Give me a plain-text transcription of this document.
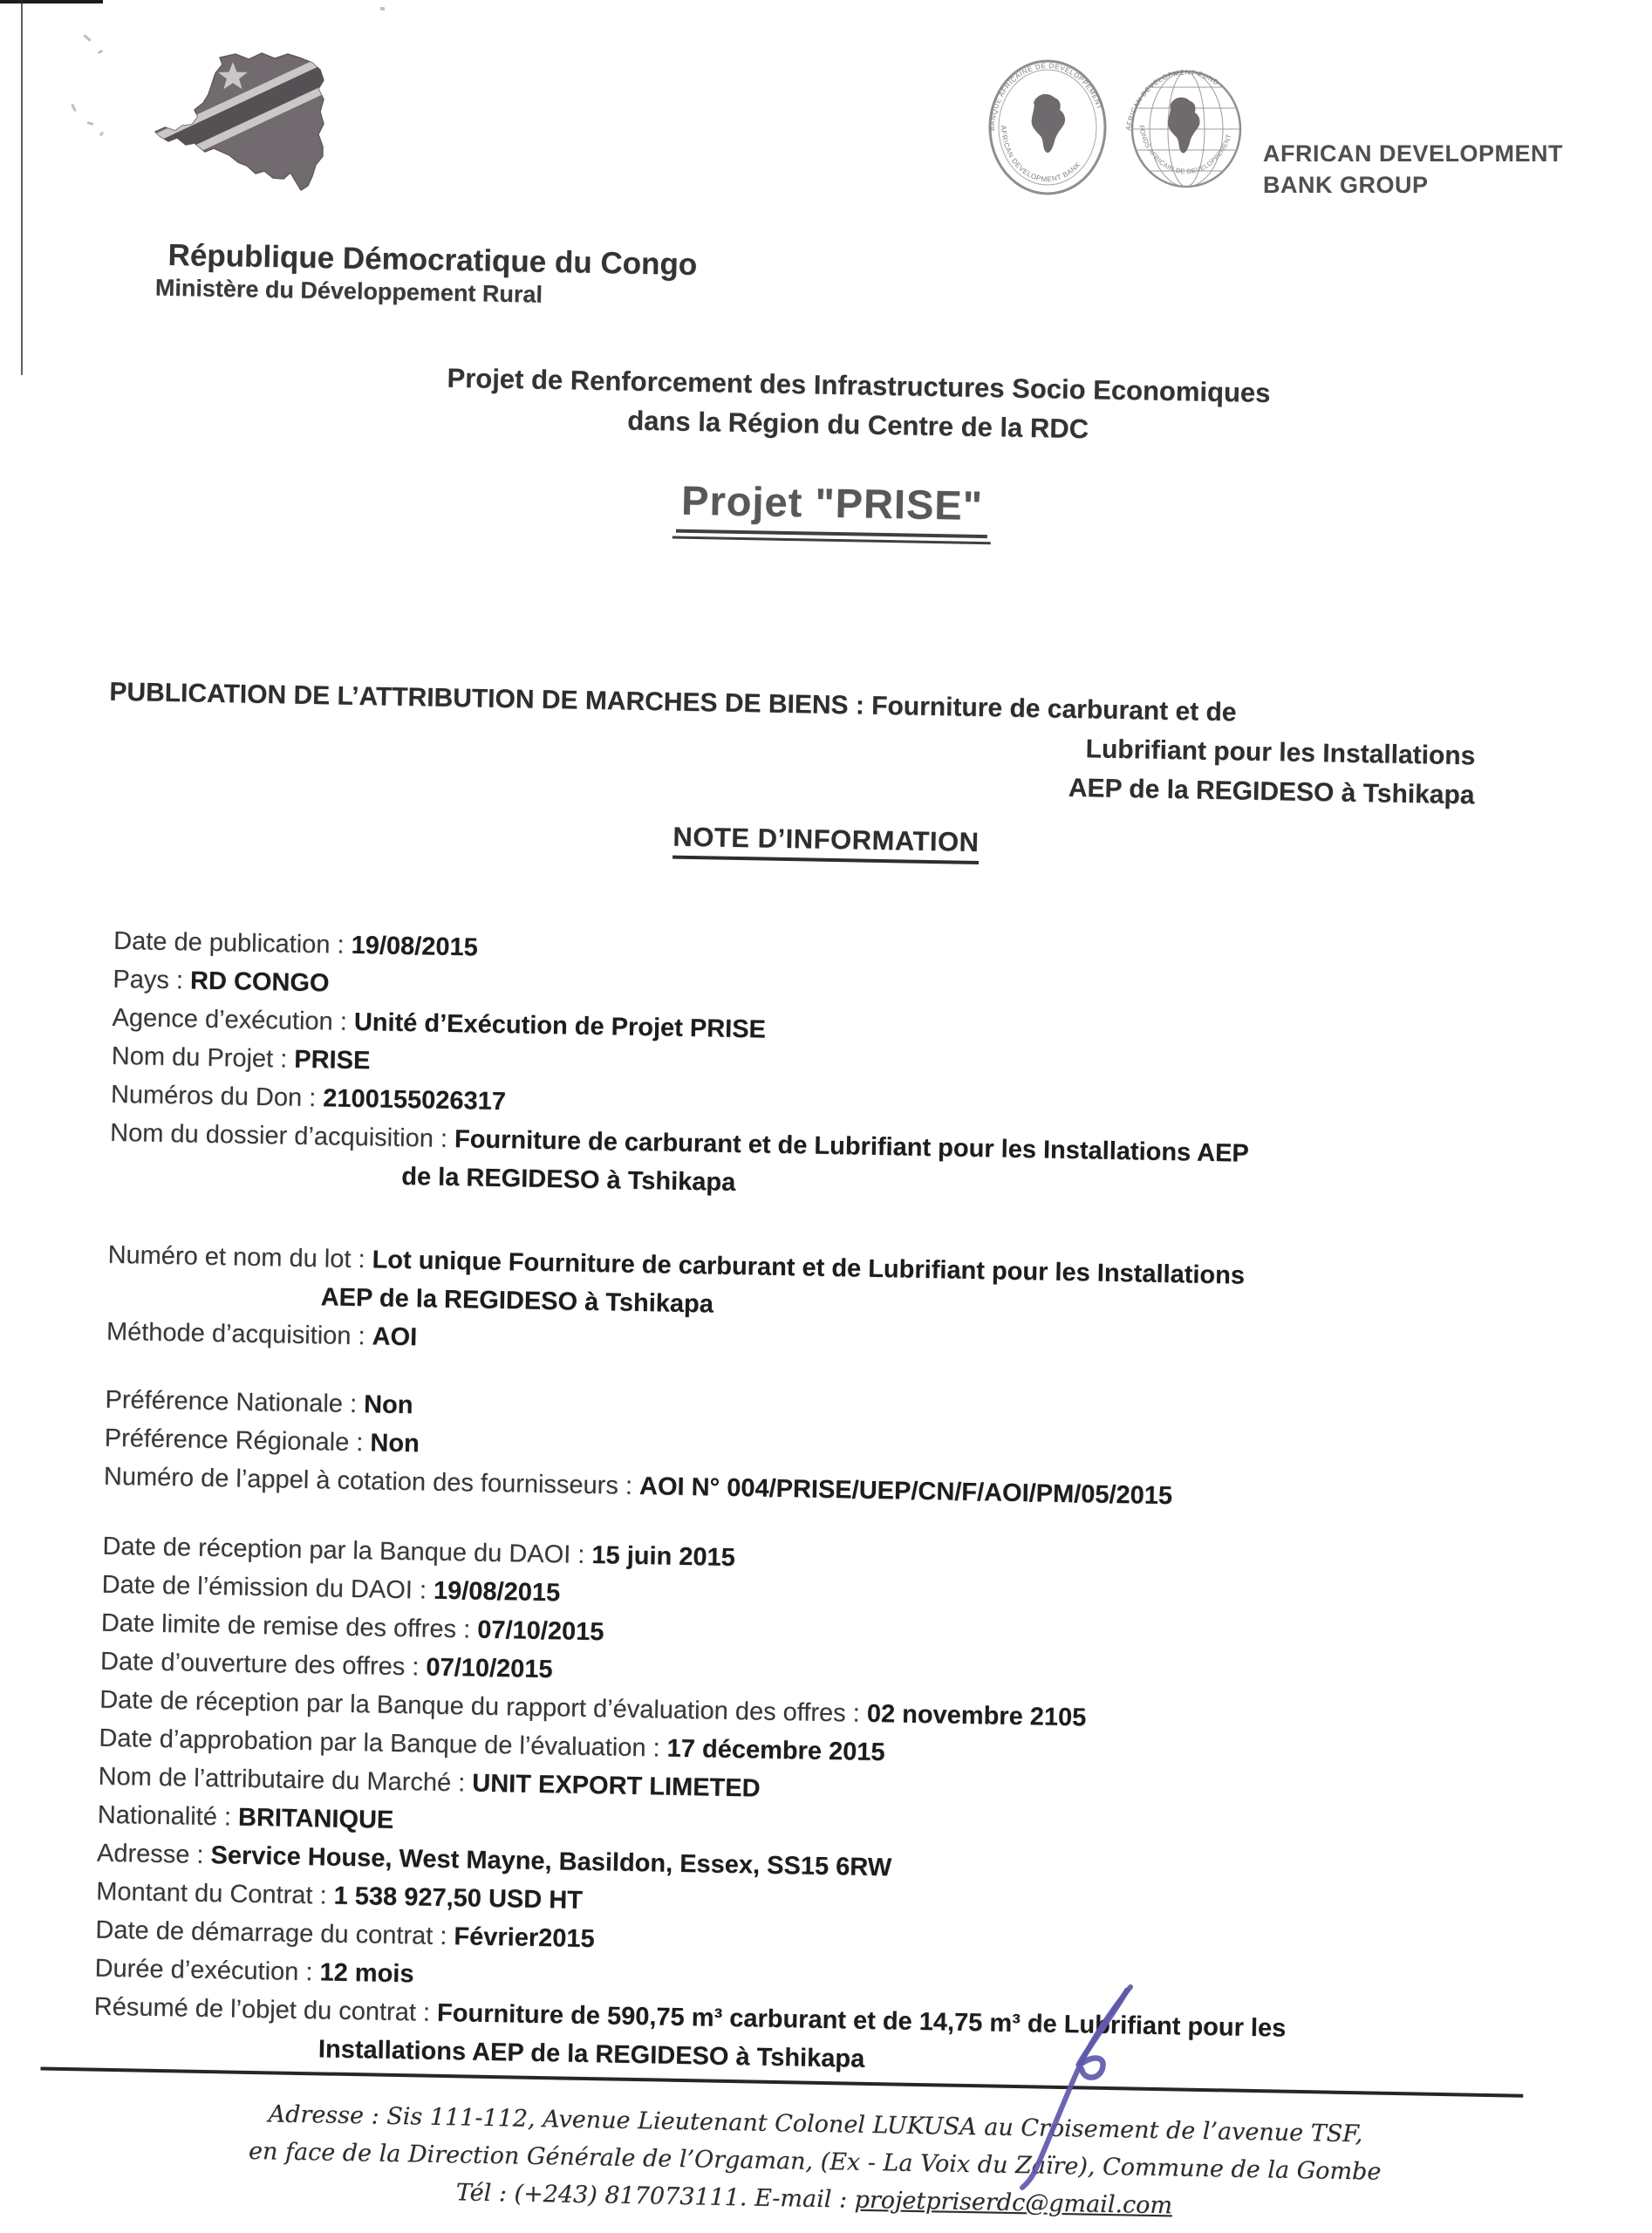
BANQUE AFRICAINE DE DEVELOPPEMENT
AFRICAN DEVELOPMENT BANK
AFRICAN DEVELOPMENT FUND
FONDS AFRICAIN DE DEVELOPPEMENT
AFRICAN DEVELOPMENT
BANK GROUP
République Démocratique du Congo
Ministère du Développement Rural
Projet de Renforcement des Infrastructures Socio Economiques
dans la Région du Centre de la RDC
Projet "PRISE"
PUBLICATION DE L’ATTRIBUTION DE MARCHES DE BIENS : Fourniture de carburant et de
Lubrifiant pour les Installations
AEP de la REGIDESO à Tshikapa
NOTE D’INFORMATION
Date de publication : 19/08/2015
Pays : RD CONGO
Agence d’exécution : Unité d’Exécution de Projet PRISE
Nom du Projet : PRISE
Numéros du Don : 2100155026317
Nom du dossier d’acquisition : Fourniture de carburant et de Lubrifiant pour les Installations AEP
de la REGIDESO à Tshikapa
Numéro et nom du lot : Lot unique Fourniture de carburant et de Lubrifiant pour les Installations
AEP de la REGIDESO à Tshikapa
Méthode d’acquisition : AOI
Préférence Nationale : Non
Préférence Régionale : Non
Numéro de l’appel à cotation des fournisseurs : AOI N° 004/PRISE/UEP/CN/F/AOI/PM/05/2015
Date de réception par la Banque du DAOI : 15 juin 2015
Date de l’émission du DAOI : 19/08/2015
Date limite de remise des offres : 07/10/2015
Date d’ouverture des offres : 07/10/2015
Date de réception par la Banque du rapport d’évaluation des offres : 02 novembre 2105
Date d’approbation par la Banque de l’évaluation : 17 décembre 2015
Nom de l’attributaire du Marché : UNIT EXPORT LIMETED
Nationalité : BRITANIQUE
Adresse : Service House, West Mayne, Basildon, Essex, SS15 6RW
Montant du Contrat : 1 538 927,50 USD HT
Date de démarrage du contrat : Février2015
Durée d’exécution : 12 mois
Résumé de l’objet du contrat : Fourniture de 590,75 m³ carburant et de 14,75 m³ de Lubrifiant pour les
Installations AEP de la REGIDESO à Tshikapa
Adresse : Sis 111-112, Avenue Lieutenant Colonel LUKUSA au Croisement de l’avenue TSF,
en face de la Direction Générale de l’Orgaman, (Ex - La Voix du Zaïre), Commune de la Gombe
Tél : (+243) 817073111. E-mail : projetpriserdc@gmail.com
